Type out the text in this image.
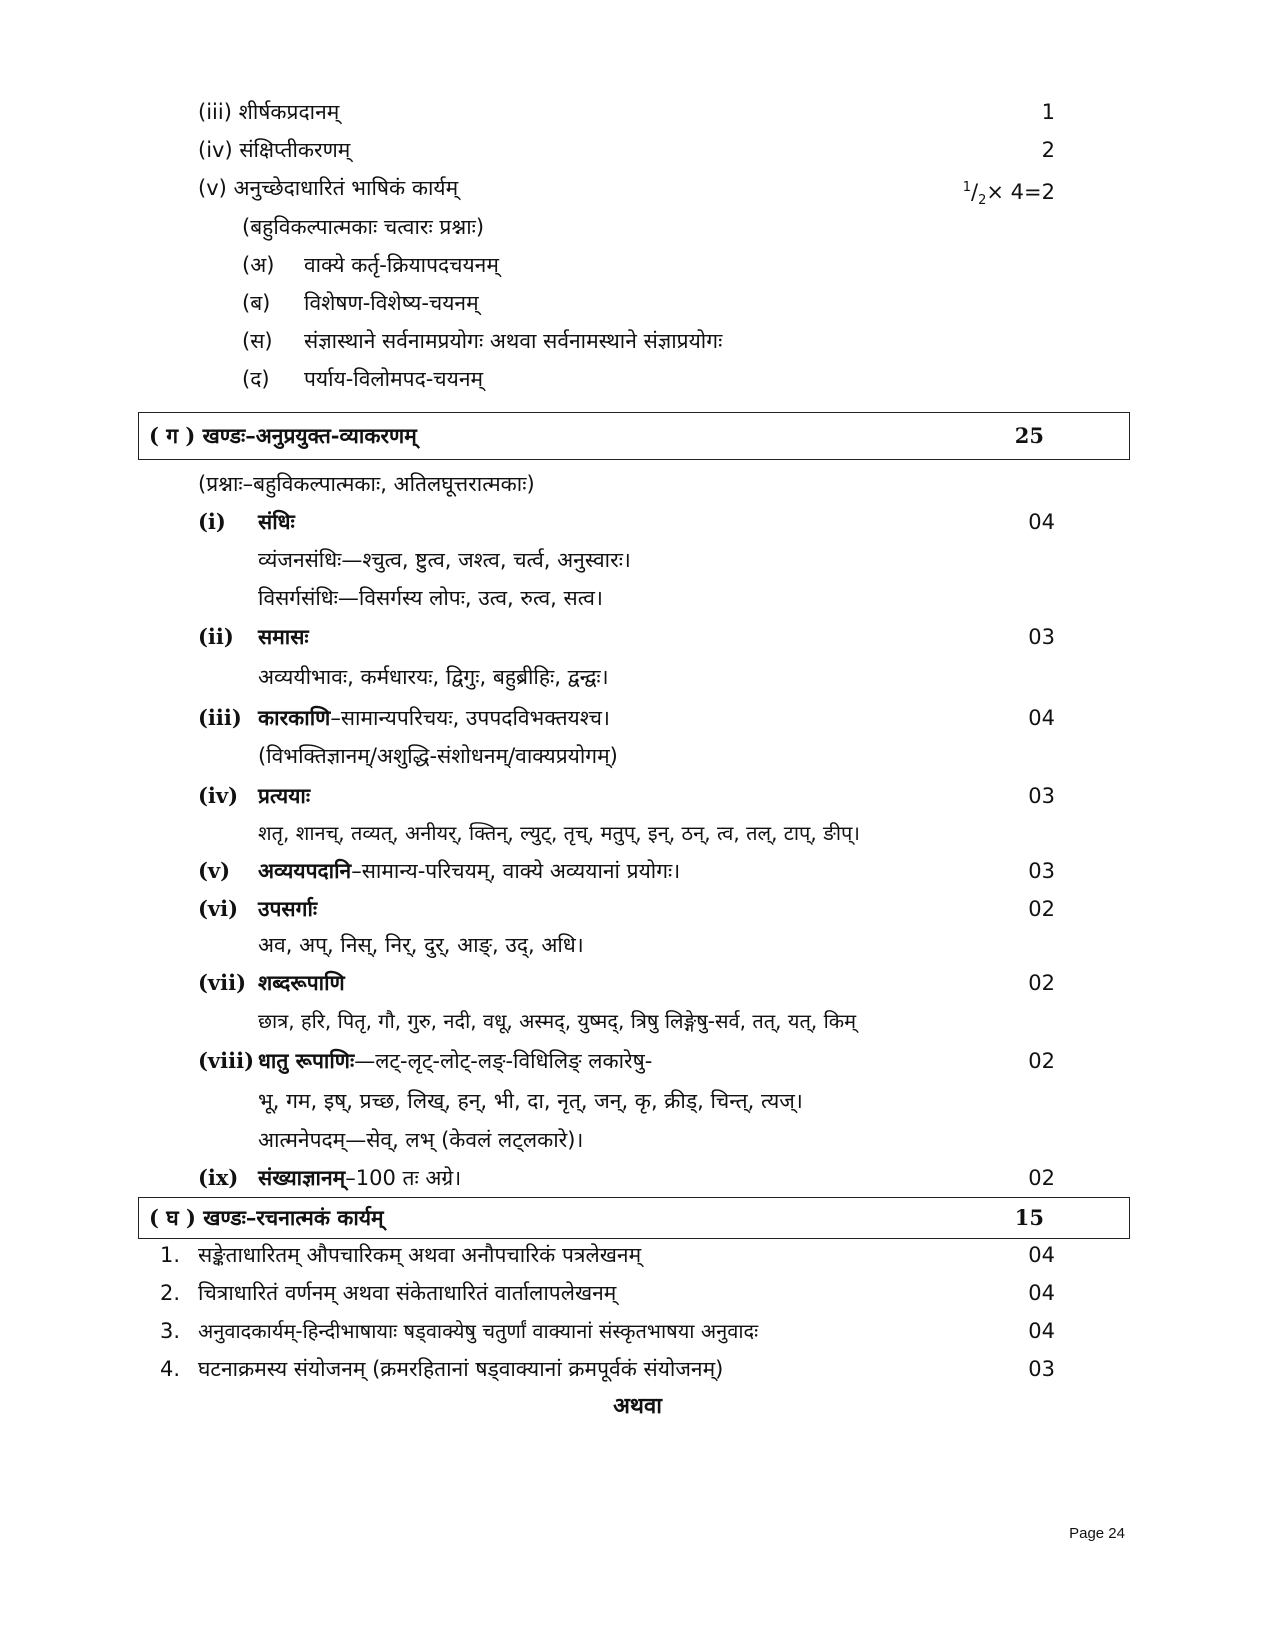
(iii) शीर्षकप्रदानम्	1
(iv) संक्षिप्तीकरणम्	2
(v) अनुच्छेदाधारितं भाषिकं कार्यम्	$^1/_2\times 4=2$
(बहुविकल्पात्मकाः चत्वारः प्रश्नाः)
(अ) वाक्ये कर्तृ-क्रियापदचयनम्
(ब) विशेषण-विशेष्य-चयनम्
(स) संज्ञास्थाने सर्वनामप्रयोगः अथवा सर्वनामस्थाने संज्ञाप्रयोगः
(द) पर्याय-विलोमपद-चयनम्
( ग ) खण्डः–अनुप्रयुक्त-व्याकरणम्	25
(प्रश्नाः–बहुविकल्पात्मकाः, अतिलघूत्तरात्मकाः)
(i) संधिः	04
व्यंजनसंधिः—श्चुत्व, ष्टुत्व, जश्त्व, चर्त्व, अनुस्वारः।
विसर्गसंधिः—विसर्गस्य लोपः, उत्व, रुत्व, सत्व।
(ii) समासः	03
अव्ययीभावः, कर्मधारयः, द्विगुः, बहुब्रीहिः, द्वन्द्वः।
(iii) कारकाणि–सामान्यपरिचयः, उपपदविभक्तयश्च।	04
(विभक्तिज्ञानम्/अशुद्धि-संशोधनम्/वाक्यप्रयोगम्)
(iv) प्रत्ययाः	03
शतृ, शानच्, तव्यत्, अनीयर्, क्तिन्, ल्युट्, तृच्, मतुप्, इन्, ठन्, त्व, तल्, टाप्, ङीप्।
(v) अव्ययपदानि–सामान्य-परिचयम्, वाक्ये अव्ययानां प्रयोगः।	03
(vi) उपसर्गाः	02
अव, अप्, निस्, निर्, दुर्, आङ्, उद्, अधि।
(vii) शब्दरूपाणि	02
छात्र, हरि, पितृ, गौ, गुरु, नदी, वधू, अस्मद्, युष्मद्, त्रिषु लिङ्गेषु-सर्व, तत्, यत्, किम्
(viii) धातु रूपाणिः—लट्-लृट्-लोट्-लङ्-विधिलिङ् लकारेषु-	02
भू, गम, इष्, प्रच्छ, लिख्, हन्, भी, दा, नृत्, जन्, कृ, क्रीड्, चिन्त्, त्यज्।
आत्मनेपदम्—सेव्, लभ् (केवलं लट्लकारे)।
(ix) संख्याज्ञानम्–100 तः अग्रे।	02
( घ ) खण्डः–रचनात्मकं कार्यम्	15
1. सङ्केताधारितम् औपचारिकम् अथवा अनौपचारिकं पत्रलेखनम्	04
2. चित्राधारितं वर्णनम् अथवा संकेताधारितं वार्तालापलेखनम्	04
3. अनुवादकार्यम्-हिन्दीभाषायाः षड्वाक्येषु चतुर्णां वाक्यानां संस्कृतभाषया अनुवादः	04
4. घटनाक्रमस्य संयोजनम् (क्रमरहितानां षड्वाक्यानां क्रमपूर्वकं संयोजनम्)	03
अथवा
Page 24
